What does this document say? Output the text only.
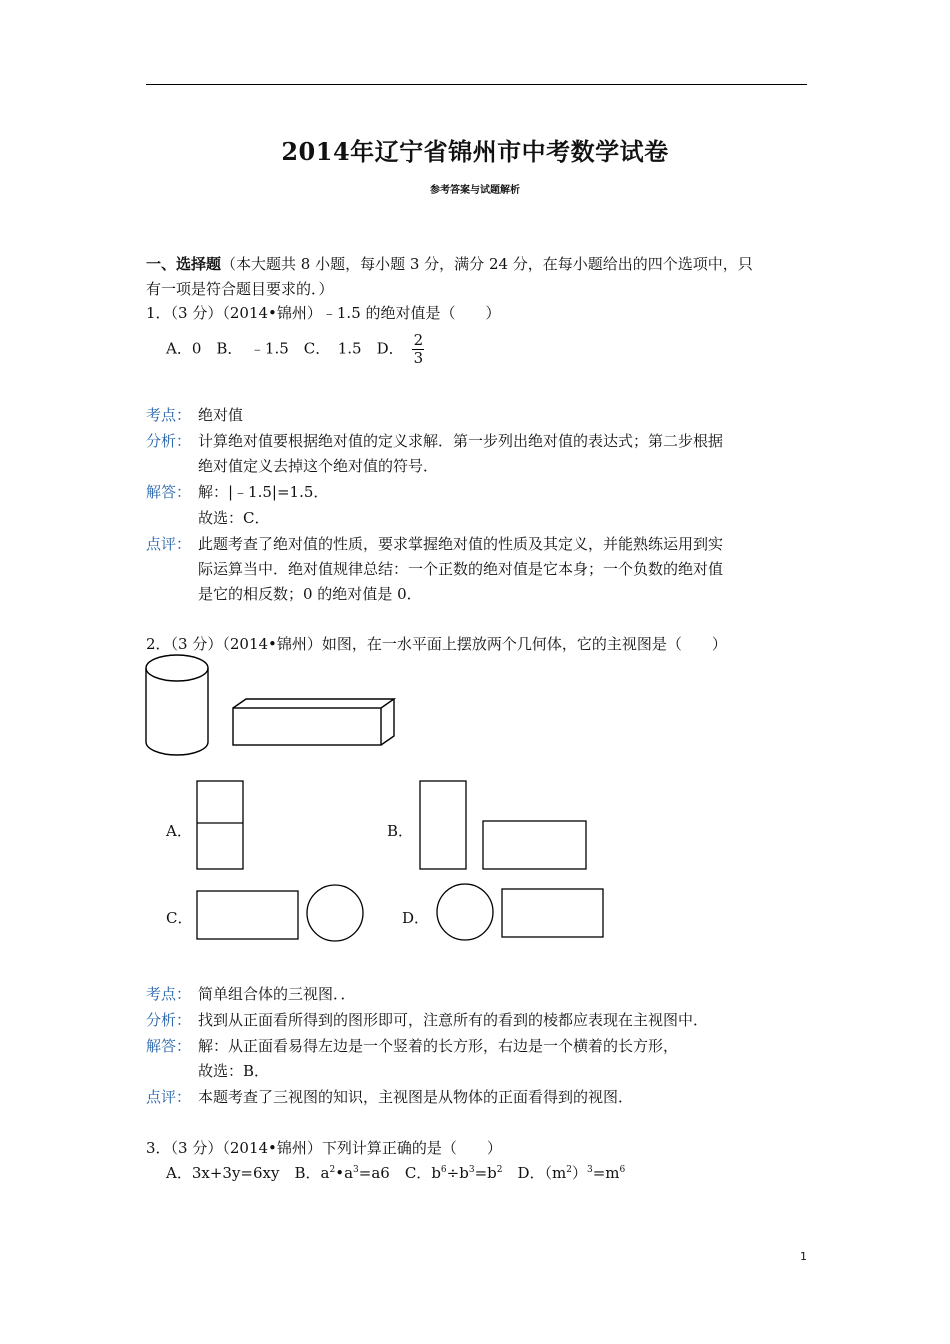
2014年辽宁省锦州市中考数学试卷
参考答案与试题解析
一、选择题（本大题共 8 小题，每小题 3 分，满分 24 分，在每小题给出的四个选项中，只
有一项是符合题目要求的．）
1．（3 分）（2014•锦州）﹣1.5 的绝对值是（　　）
A．0　B．　﹣1.5　C．　1.5　D． $\frac{2}{3}$
考点： 绝对值
分析： 计算绝对值要根据绝对值的定义求解．第一步列出绝对值的表达式；第二步根据
绝对值定义去掉这个绝对值的符号．
解答： 解：|﹣1.5|=1.5．
故选：C．
点评： 此题考查了绝对值的性质，要求掌握绝对值的性质及其定义，并能熟练运用到实
际运算当中．绝对值规律总结：一个正数的绝对值是它本身；一个负数的绝对值
是它的相反数；0 的绝对值是 0．
2．（3 分）（2014•锦州）如图，在一水平面上摆放两个几何体，它的主视图是（　　）
A．	B．
C．	D．
考点： 简单组合体的三视图．．
分析： 找到从正面看所得到的图形即可，注意所有的看到的棱都应表现在主视图中．
解答： 解：从正面看易得左边是一个竖着的长方形，右边是一个横着的长方形，
故选：B．
点评： 本题考查了三视图的知识，主视图是从物体的正面看得到的视图．
3．（3 分）（2014•锦州）下列计算正确的是（　　）
A．3x+3y=6xy　 B．$a^2•a^3=a6$　 C．$b^6\div b^3=b^2$　 D．$(m^2)^3=m^6$
1
